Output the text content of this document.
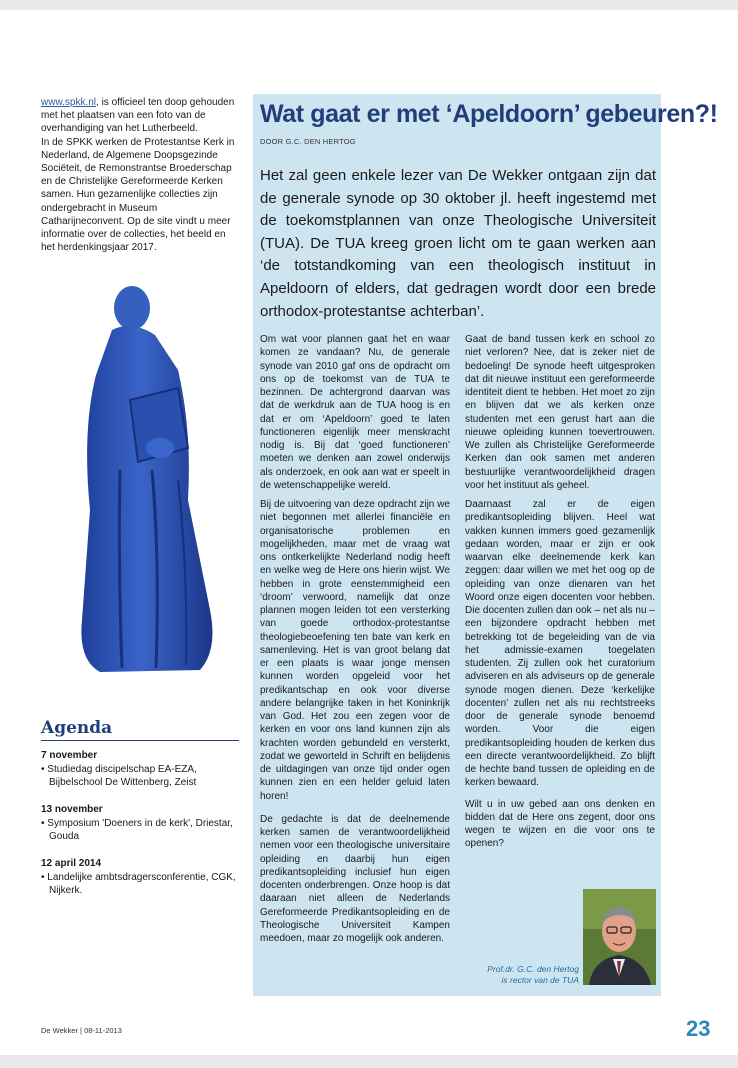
www.spkk.nl, is officieel ten doop gehouden met het plaatsen van een foto van de overhandiging van het Lutherbeeld.

In de SPKK werken de Protestantse Kerk in Nederland, de Algemene Doopsgezinde Sociëteit, de Remonstrantse Broederschap en de Christelijke Gereformeerde Kerken samen. Hun gezamenlijke collecties zijn ondergebracht in Museum Catharijneconvent. Op de site vindt u meer informatie over de collecties, het beeld en het herdenkingsjaar 2017.

Agenda
7 november
• Studiedag discipelschap EA-EZA, Bijbelschool De Wittenberg, Zeist
13 november
• Symposium 'Doeners in de kerk', Driestar, Gouda
12 april 2014
• Landelijke ambtsdragersconferentie, CGK, Nijkerk.
Wat gaat er met ‘Apeldoorn’ gebeuren?!
DOOR G.C. DEN HERTOG

Het zal geen enkele lezer van De Wekker ontgaan zijn dat de generale synode op 30 oktober jl. heeft ingestemd met de toekomstplannen van onze Theologische Universiteit (TUA). De TUA kreeg groen licht om te gaan werken aan ‘de totstandkoming van een theologisch instituut in Apeldoorn of elders, dat gedragen wordt door een brede orthodox-protestantse achterban’.

Om wat voor plannen gaat het en waar komen ze vandaan? Nu, de generale synode van 2010 gaf ons de opdracht om ons op de toekomst van de TUA te bezinnen. De achtergrond daarvan was dat de werkdruk aan de TUA hoog is en dat er om ‘Apeldoorn’ goed te laten functioneren eigenlijk meer menskracht nodig is. Bij dat ‘goed functioneren’ moeten we denken aan zowel onderwijs als onderzoek, en ook aan wat er speelt in de wetenschappelijke wereld.

Bij de uitvoering van deze opdracht zijn we niet begonnen met allerlei financiële en organisatorische problemen en mogelijkheden, maar met de vraag wat ons ontkerkelijkte Nederland nodig heeft en welke weg de Here ons hierin wijst. We hebben in grote eenstemmigheid een ‘droom’ verwoord, namelijk dat onze plannen mogen leiden tot een versterking van goede orthodox-protestantse theologiebeoefening ten bate van kerk en samenleving. Het is van groot belang dat er een plaats is waar jonge mensen kunnen worden opgeleid voor het predikantschap en ook voor diverse andere belangrijke taken in het Koninkrijk van God. Het zou een zegen voor de kerken en voor ons land kunnen zijn als krachten worden gebundeld en versterkt, zodat we geworteld in Schrift en belijdenis de uitdagingen van onze tijd onder ogen kunnen zien en een helder geluid laten horen!

De gedachte is dat de deelnemende kerken samen de verantwoordelijkheid nemen voor een theologische universitaire opleiding en daarbij hun eigen predikantsopleiding inclusief hun eigen docenten onderbrengen. Onze hoop is dat daaraan niet alleen de Nederlands Gereformeerde Predikantsopleiding en de Theologische Universiteit Kampen meedoen, maar zo mogelijk ook anderen.

Gaat de band tussen kerk en school zo niet verloren? Nee, dat is zeker niet de bedoeling! De synode heeft uitgesproken dat dit nieuwe instituut een gereformeerde identiteit dient te hebben. Het moet zo zijn en blijven dat we als kerken onze studenten met een gerust hart aan die nieuwe opleiding kunnen toevertrouwen. We zullen als Christelijke Gereformeerde Kerken dan ook samen met anderen bestuurlijke verantwoordelijkheid dragen voor het instituut als geheel.

Daarnaast zal er de eigen predikantsopleiding blijven. Heel wat vakken kunnen immers goed gezamenlijk gedaan worden, maar er zijn er ook waarvan elke deelnemende kerk kan zeggen: daar willen we met het oog op de opleiding van onze dienaren van het Woord onze eigen docenten voor hebben. Die docenten zullen dan ook – net als nu – een bijzondere opdracht hebben met betrekking tot de begeleiding van de via het admissie-examen toegelaten studenten. Zij zullen ook het curatorium adviseren en als adviseurs op de generale synode mogen dienen. Deze ‘kerkelijke docenten’ zullen net als nu rechtstreeks door de generale synode benoemd worden. Voor die eigen predikantsopleiding houden de kerken dus een directe verantwoordelijkheid. Zo blijft de hechte band tussen de opleiding en de kerken bewaard.

Wilt u in uw gebed aan ons denken en bidden dat de Here ons zegent, door ons wegen te wijzen en die voor ons te openen?

Prof.dr. G.C. den Hertog
is rector van de TUA
De Wekker | 08-11-2013	23
